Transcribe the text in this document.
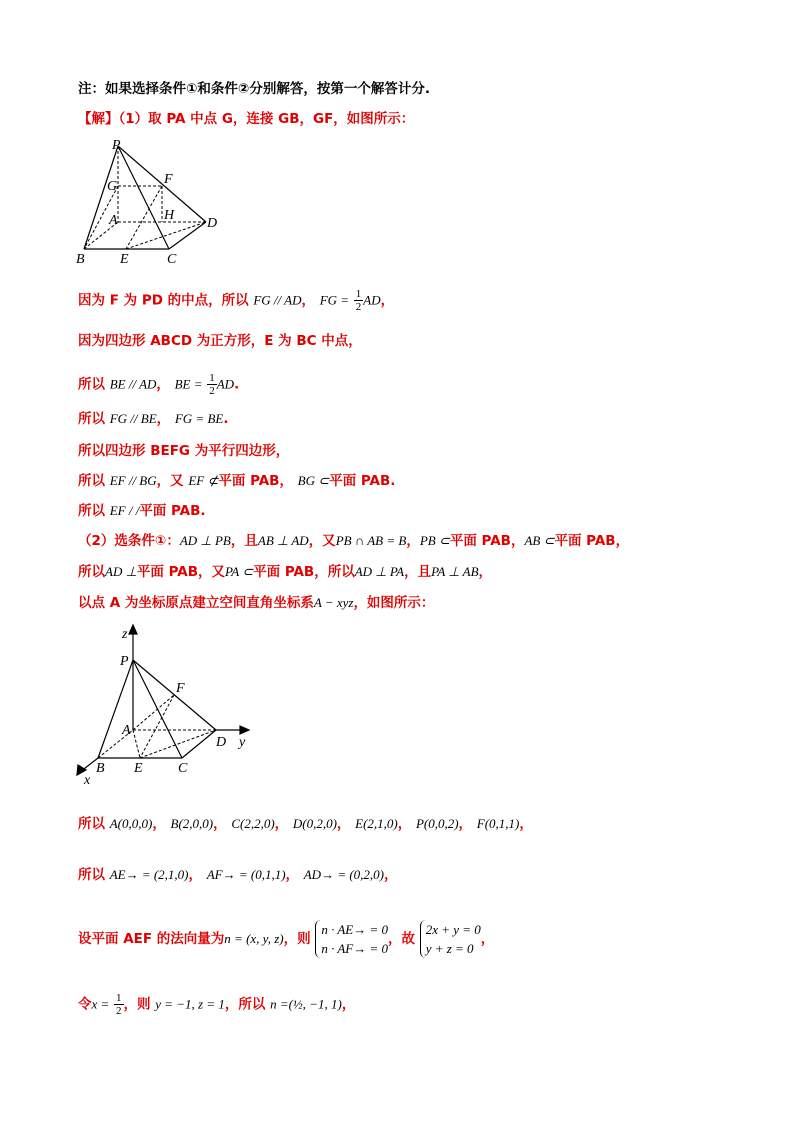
注：如果选择条件①和条件②分别解答，按第一个解答计分.
【解】（1）取 PA 中点 G，连接 GB，GF，如图所示：
P
G	F
A	H
D
B	E	C
因为 F 为 PD 的中点，所以 FG // AD， FG = $\frac{1}{2}$ AD，
因为四边形 ABCD 为正方形，E 为 BC 中点，
所以 BE // AD， BE = $\frac{1}{2}$ AD.
所以 FG // BE， FG = BE.
所以四边形 BEFG 为平行四边形，
所以 EF // BG，又 EF ⊄平面 PAB， BG ⊂平面 PAB.
所以 EF / /平面 PAB.
（2）选条件①：AD ⊥ PB，且AB ⊥ AD，又PB ∩ AB = B，PB ⊂平面 PAB，AB ⊂平面 PAB，
所以AD ⊥平面 PAB，又PA ⊂平面 PAB，所以AD ⊥ PA，且PA ⊥ AB，
以点 A 为坐标原点建立空间直角坐标系A − xyz，如图所示：
z
P
F
A
D y
B E	C
x
所以 A(0,0,0)， B(2,0,0)， C(2,2,0)， D(0,2,0)， E(2,1,0)， P(0,0,2)， F(0,1,1)，
所以 AE→ = (2,1,0)， AF→ = (0,1,1)， AD→ = (0,2,0)，
设平面 AEF 的法向量为n = (x, y, z)，则 n · AE→ = 0
n · AF→ = 0，故 2x + y = 0
y + z = 0，
令$x = \frac{1}{2}$ ，则 y = −1, z = 1，所以 n =(½, −1, 1)，
